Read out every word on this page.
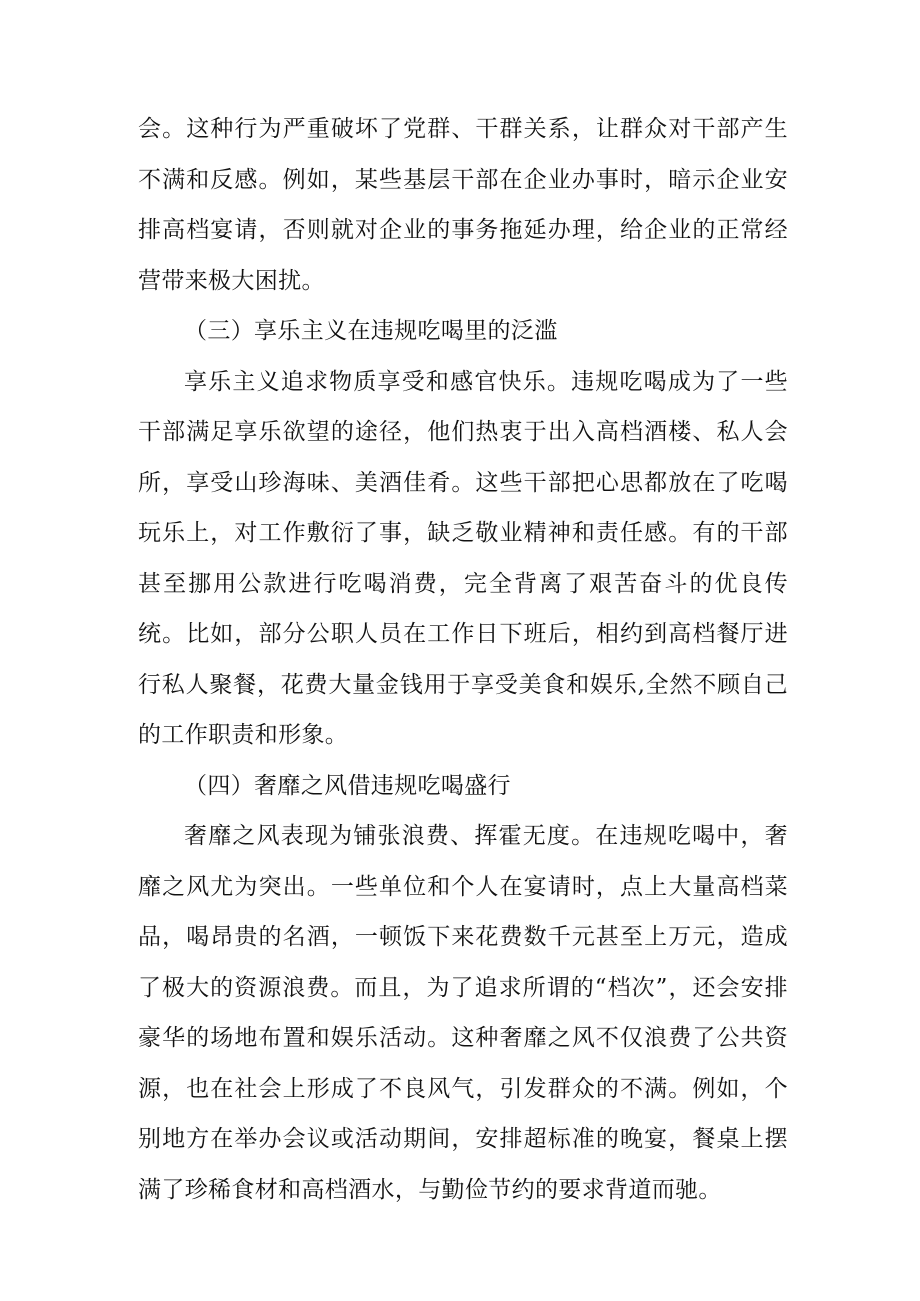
会。这种行为严重破坏了党群、干群关系，让群众对干部产生不满和反感。例如，某些基层干部在企业办事时，暗示企业安排高档宴请，否则就对企业的事务拖延办理，给企业的正常经营带来极大困扰。

（三）享乐主义在违规吃喝里的泛滥

享乐主义追求物质享受和感官快乐。违规吃喝成为了一些干部满足享乐欲望的途径，他们热衷于出入高档酒楼、私人会所，享受山珍海味、美酒佳肴。这些干部把心思都放在了吃喝玩乐上，对工作敷衍了事，缺乏敬业精神和责任感。有的干部甚至挪用公款进行吃喝消费，完全背离了艰苦奋斗的优良传统。比如，部分公职人员在工作日下班后，相约到高档餐厅进行私人聚餐，花费大量金钱用于享受美食和娱乐,全然不顾自己的工作职责和形象。

（四）奢靡之风借违规吃喝盛行

奢靡之风表现为铺张浪费、挥霍无度。在违规吃喝中，奢靡之风尤为突出。一些单位和个人在宴请时，点上大量高档菜品，喝昂贵的名酒，一顿饭下来花费数千元甚至上万元，造成了极大的资源浪费。而且，为了追求所谓的“档次”，还会安排豪华的场地布置和娱乐活动。这种奢靡之风不仅浪费了公共资源，也在社会上形成了不良风气，引发群众的不满。例如，个别地方在举办会议或活动期间，安排超标准的晚宴，餐桌上摆满了珍稀食材和高档酒水，与勤俭节约的要求背道而驰。
